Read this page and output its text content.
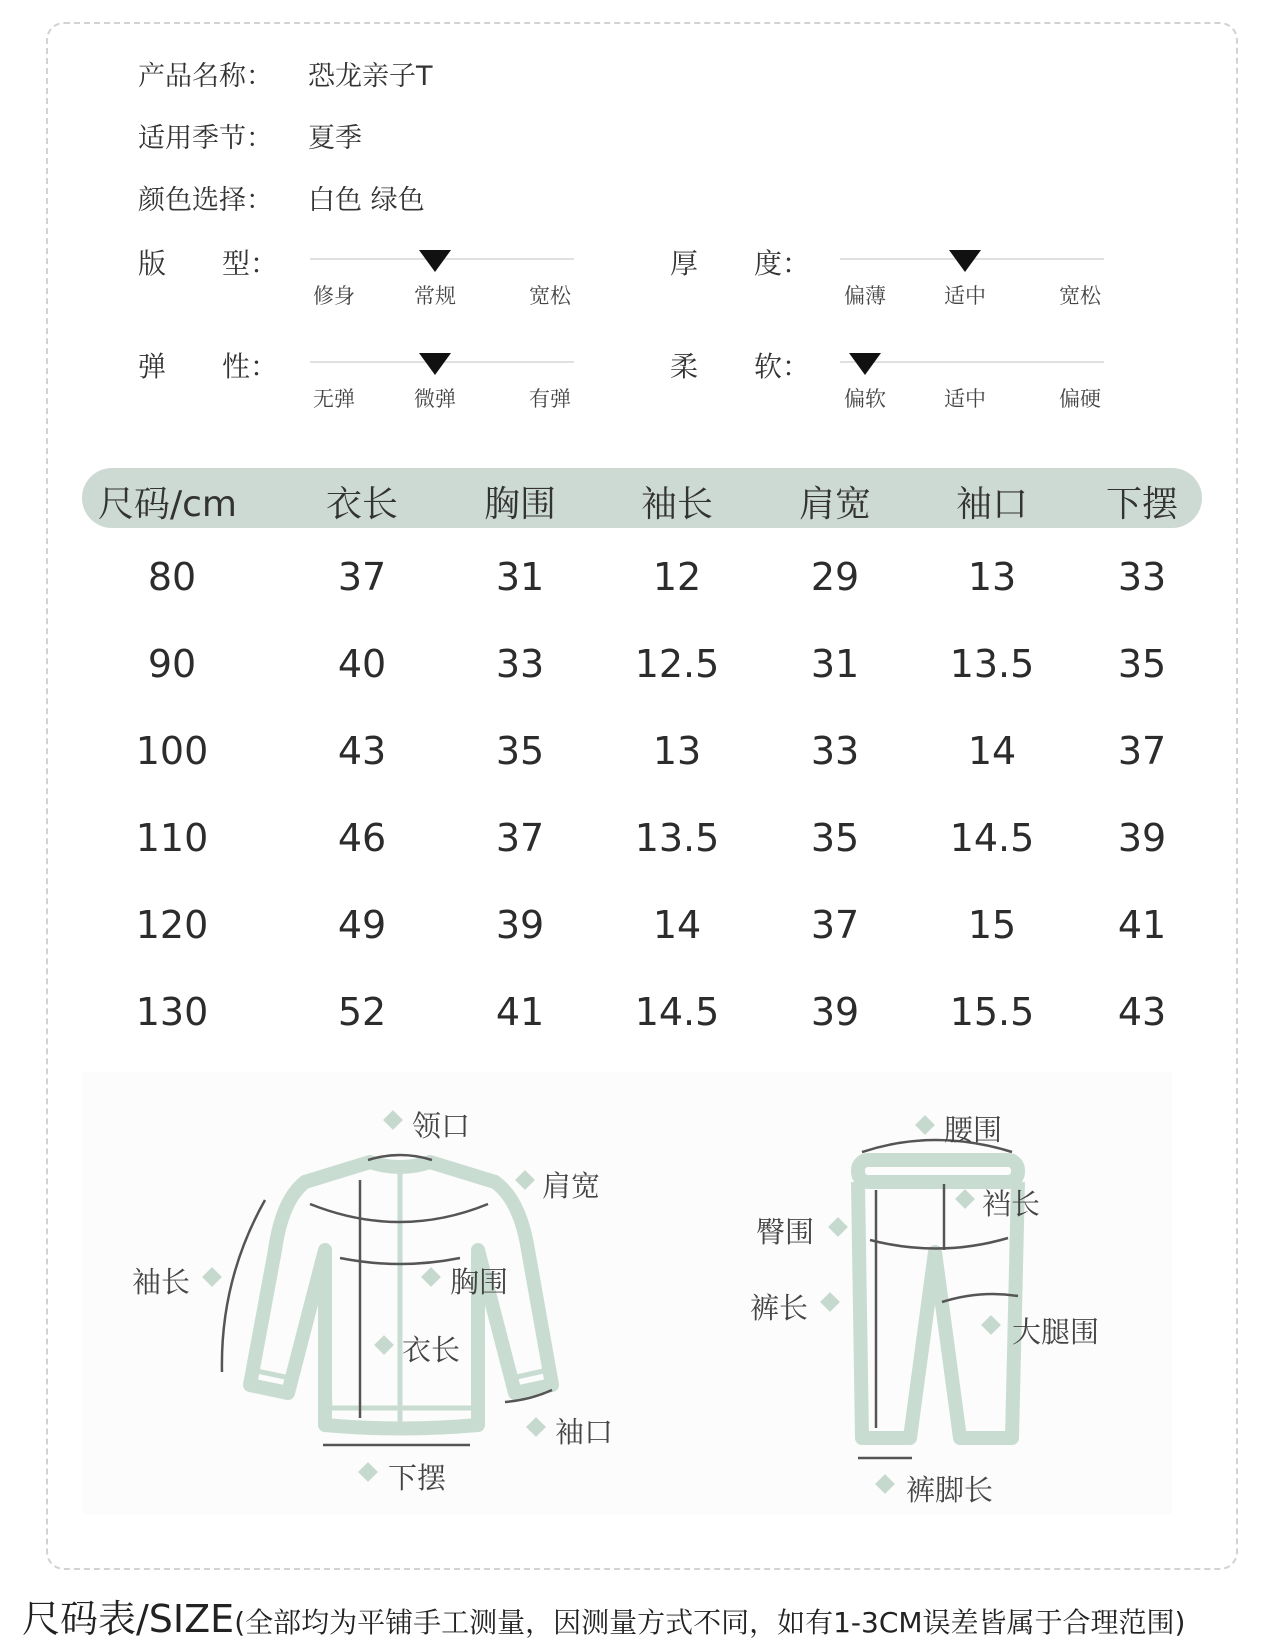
产品名称： 恐龙亲子T
适用季节： 夏季
颜色选择： 白色 绿色
版　　型：
修身	常规	宽松
厚　　度：
偏薄	适中	宽松
弹　　性：
无弹	微弹	有弹
柔　　软：
偏软	适中	偏硬
尺码/cm	衣长	胸围	袖长	肩宽	袖口	下摆
80	37	31	12	29	13	33
90	40	33	12.5	31	13.5	35
100	43	35	13	33	14	37
110	46	37	13.5	35	14.5	39
120	49	39	14	37	15	41
130	52	41	14.5	39	15.5	43
领口
肩宽
袖长	胸围
衣长
袖口
下摆
腰围
裆长
臀围
裤长
大腿围
裤脚长
尺码表/SIZE(全部均为平铺手工测量，因测量方式不同，如有1-3CM误差皆属于合理范围)
